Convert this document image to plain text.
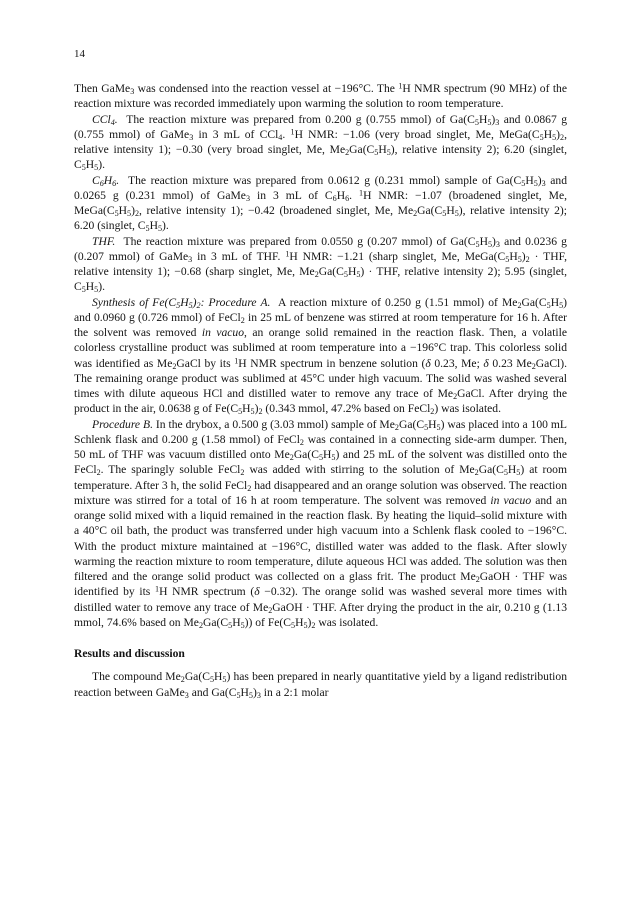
14

Then GaMe$_3$ was condensed into the reaction vessel at −196°C. The $^1$H NMR spectrum (90 MHz) of the reaction mixture was recorded immediately upon warming the solution to room temperature.

CCl$_4$.  The reaction mixture was prepared from 0.200 g (0.755 mmol) of $Ga(C_5H_5)_3$ and 0.0867 g (0.755 mmol) of GaMe$_3$ in 3 mL of CCl$_4$. $^1$H NMR: −1.06 (very broad singlet, Me, $MeGa(C_5H_5)_2$, relative intensity 1); −0.30 (very broad singlet, Me, $Me_2Ga(C_5H_5)$, relative intensity 2); 6.20 (singlet, $C_5H_5$).

$C_6H_6$.  The reaction mixture was prepared from 0.0612 g (0.231 mmol) sample of $Ga(C_5H_5)_3$ and 0.0265 g (0.231 mmol) of GaMe$_3$ in 3 mL of $C_6H_6$. $^1$H NMR: −1.07 (broadened singlet, Me, $MeGa(C_5H_5)_2$, relative intensity 1); −0.42 (broadened singlet, Me, $Me_2Ga(C_5H_5)$, relative intensity 2); 6.20 (singlet, $C_5H_5$).

THF.  The reaction mixture was prepared from 0.0550 g (0.207 mmol) of $Ga(C_5H_5)_3$ and 0.0236 g (0.207 mmol) of GaMe$_3$ in 3 mL of THF. $^1$H NMR: −1.21 (sharp singlet, Me, $MeGa(C_5H_5)_2$ · THF, relative intensity 1); −0.68 (sharp singlet, Me, $Me_2Ga(C_5H_5)$ · THF, relative intensity 2); 5.95 (singlet, $C_5H_5$).

Synthesis of $Fe(C_5H_5)_2$: Procedure A.  A reaction mixture of 0.250 g (1.51 mmol) of $Me_2Ga(C_5H_5)$ and 0.0960 g (0.726 mmol) of FeCl$_2$ in 25 mL of benzene was stirred at room temperature for 16 h. After the solvent was removed in vacuo, an orange solid remained in the reaction flask. Then, a volatile colorless crystalline product was sublimed at room temperature into a −196°C trap. This colorless solid was identified as $Me_2GaCl$ by its $^1$H NMR spectrum in benzene solution (δ 0.23, Me; δ 0.23 $Me_2GaCl$). The remaining orange product was sublimed at 45°C under high vacuum. The solid was washed several times with dilute aqueous HCl and distilled water to remove any trace of $Me_2GaCl$. After drying the product in the air, 0.0638 g of $Fe(C_5H_5)_2$ (0.343 mmol, 47.2% based on FeCl$_2$) was isolated.

Procedure B. In the drybox, a 0.500 g (3.03 mmol) sample of $Me_2Ga(C_5H_5)$ was placed into a 100 mL Schlenk flask and 0.200 g (1.58 mmol) of FeCl$_2$ was contained in a connecting side-arm dumper. Then, 50 mL of THF was vacuum distilled onto $Me_2Ga(C_5H_5)$ and 25 mL of the solvent was distilled onto the FeCl$_2$. The sparingly soluble FeCl$_2$ was added with stirring to the solution of $Me_2Ga(C_5H_5)$ at room temperature. After 3 h, the solid FeCl$_2$ had disappeared and an orange solution was observed. The reaction mixture was stirred for a total of 16 h at room temperature. The solvent was removed in vacuo and an orange solid mixed with a liquid remained in the reaction flask. By heating the liquid–solid mixture with a 40°C oil bath, the product was transferred under high vacuum into a Schlenk flask cooled to −196°C. With the product mixture maintained at −196°C, distilled water was added to the flask. After slowly warming the reaction mixture to room temperature, dilute aqueous HCl was added. The solution was then filtered and the orange solid product was collected on a glass frit. The product $Me_2GaOH$ · THF was identified by its $^1$H NMR spectrum (δ −0.32). The orange solid was washed several more times with distilled water to remove any trace of $Me_2GaOH$ · THF. After drying the product in the air, 0.210 g (1.13 mmol, 74.6% based on $Me_2Ga(C_5H_5)$) of $Fe(C_5H_5)_2$ was isolated.

Results and discussion

The compound $Me_2Ga(C_5H_5)$ has been prepared in nearly quantitative yield by a ligand redistribution reaction between GaMe$_3$ and $Ga(C_5H_5)_3$ in a 2:1 molar
